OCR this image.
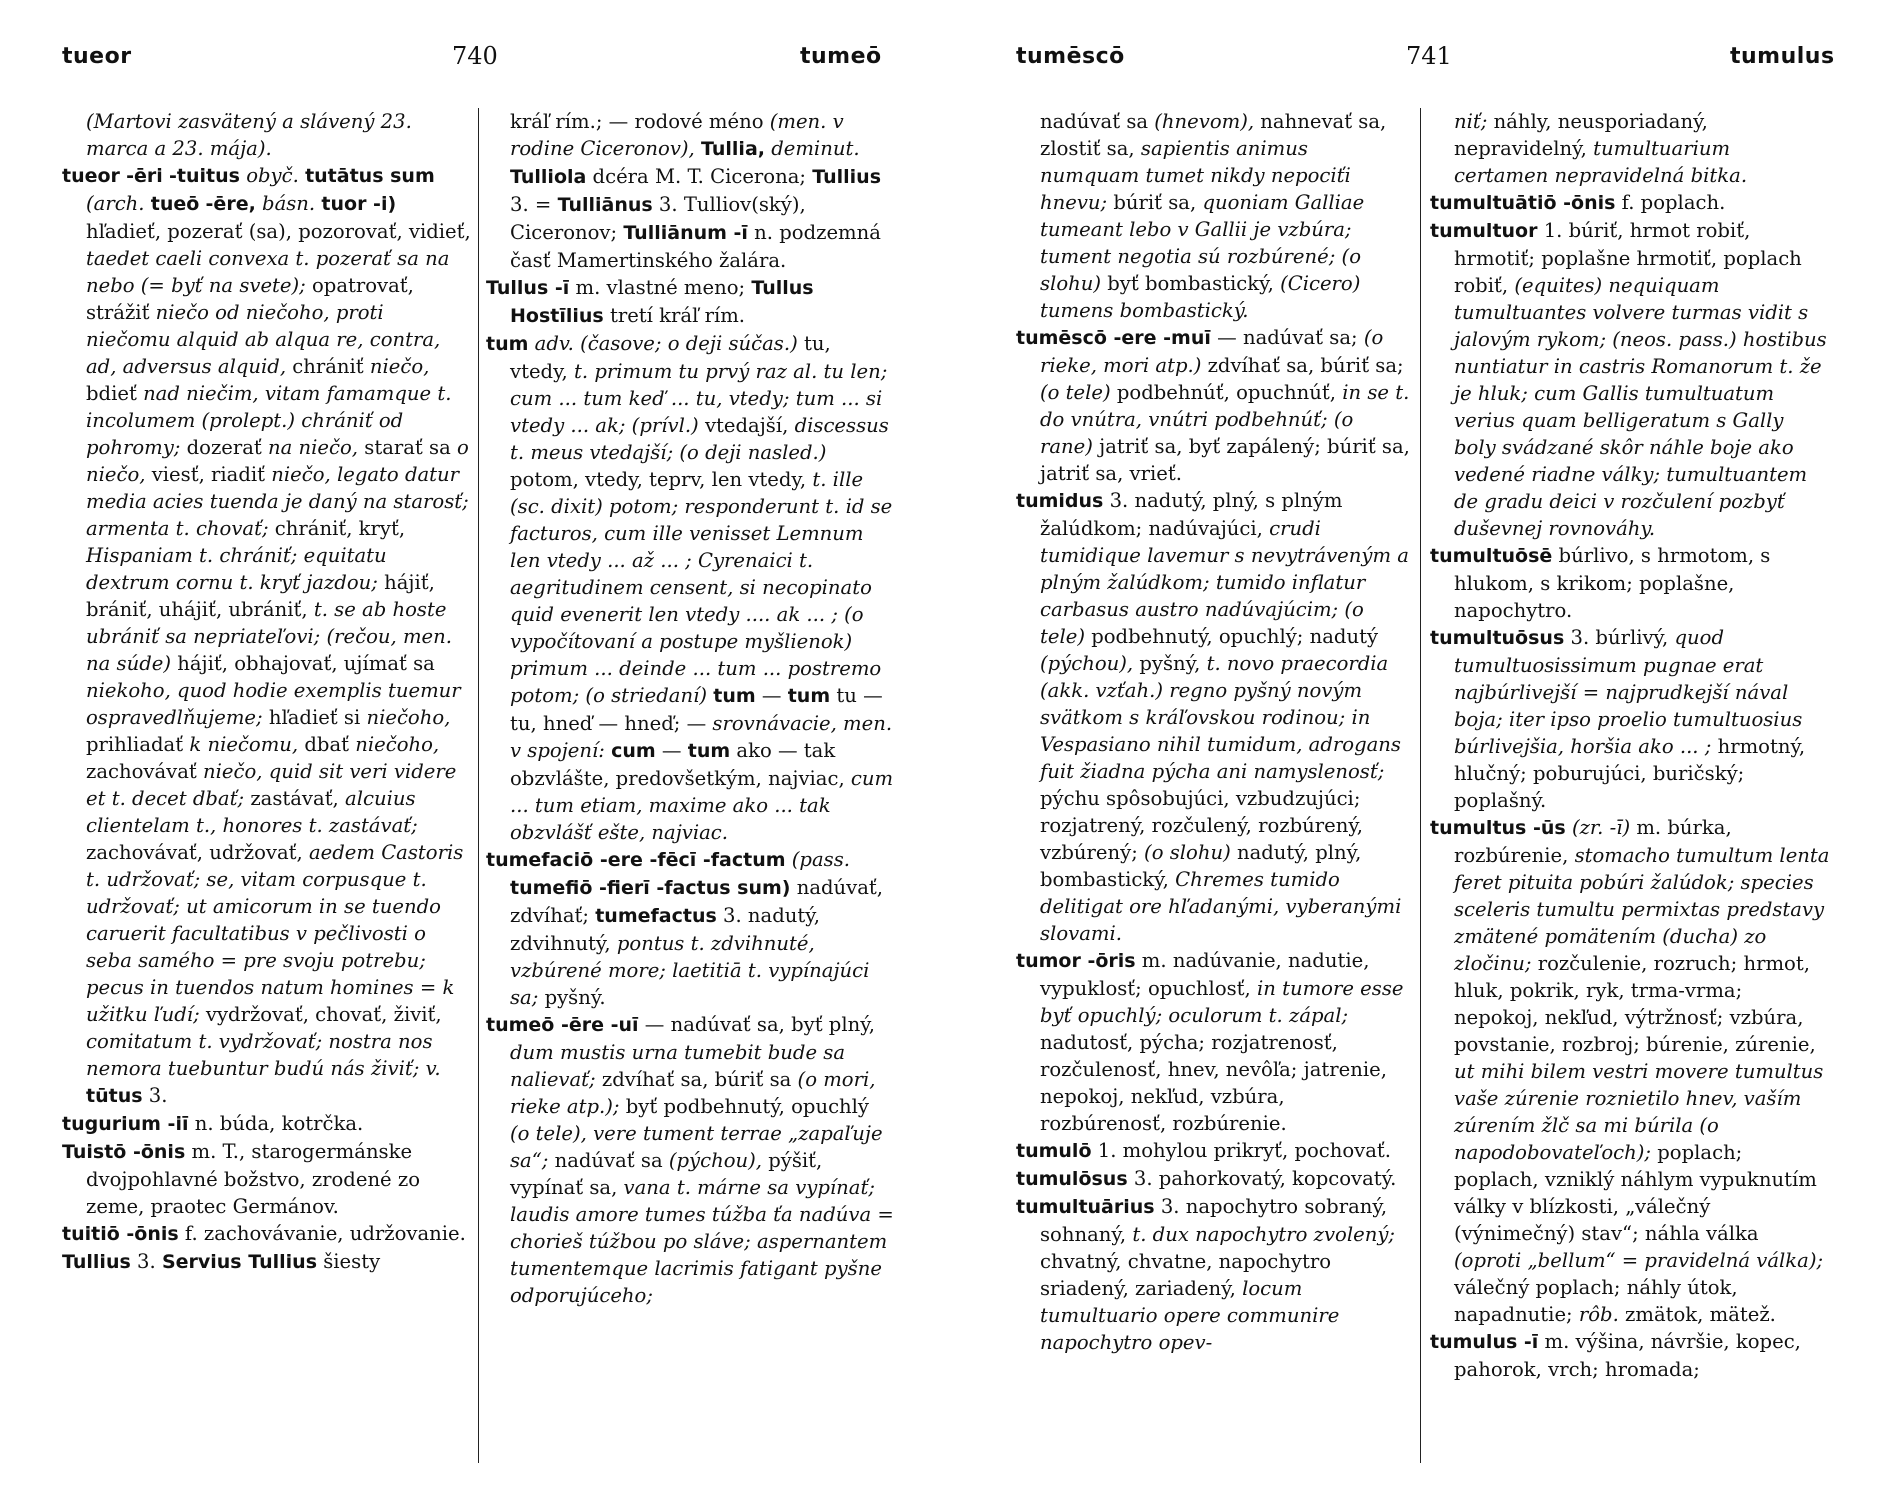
tueor	740	tumeō

(Martovi zasvätený a slávený 23. marca a 23. mája).

tueor -ēri -tuitus obyč. tutātus sum (arch. tueō -ēre, básn. tuor -i) hľadieť, pozerať (sa), pozorovať, vidieť, taedet caeli convexa t. pozerať sa na nebo (= byť na svete); opatrovať, strážiť niečo od niečoho, proti niečomu alquid ab alqua re, contra, ad, adversus alquid, chrániť niečo, bdieť nad niečim, vitam famamque t. incolumem (prolept.) chrániť od pohromy; dozerať na niečo, starať sa o niečo, viesť, riadiť niečo, legato datur media acies tuenda je daný na starosť; armenta t. chovať; chrániť, kryť, Hispaniam t. chrániť; equitatu dextrum cornu t. kryť jazdou; hájiť, brániť, uhájiť, ubrániť, t. se ab hoste ubrániť sa nepriateľovi; (rečou, men. na súde) hájiť, obhajovať, ujímať sa niekoho, quod hodie exemplis tuemur ospravedlňujeme; hľadieť si niečoho, prihliadať k niečomu, dbať niečoho, zachovávať niečo, quid sit veri videre et t. decet dbať; zastávať, alcuius clientelam t., honores t. zastávať; zachovávať, udržovať, aedem Castoris t. udržovať; se, vitam corpusque t. udržovať; ut amicorum in se tuendo caruerit facultatibus v pečlivosti o seba samého = pre svoju potrebu; pecus in tuendos natum homines = k užitku ľudí; vydržovať, chovať, živiť, comitatum t. vydržovať; nostra nos nemora tuebuntur budú nás živiť; v. tūtus 3.

tugurium -iī n. búda, kotrčka.

Tuistō -ōnis m. T., starogermánske dvojpohlavné božstvo, zrodené zo zeme, praotec Germánov.

tuitiō -ōnis f. zachovávanie, udržovanie.

Tullius 3. Servius Tullius šiesty

kráľ rím.; — rodové méno (men. v rodine Ciceronov), Tullia, deminut. Tulliola dcéra M. T. Cicerona; Tullius 3. = Tulliānus 3. Tulliov(ský), Ciceronov; Tulliānum -ī n. podzemná časť Mamertinského žalára.

Tullus -ī m. vlastné meno; Tullus Hostīlius tretí kráľ rím.

tum adv. (časove; o deji súčas.) tu, vtedy, t. primum tu prvý raz al. tu len; cum ... tum keď ... tu, vtedy; tum ... si vtedy ... ak; (prívl.) vtedajší, discessus t. meus vtedajší; (o deji nasled.) potom, vtedy, teprv, len vtedy, t. ille (sc. dixit) potom; responderunt t. id se facturos, cum ille venisset Lemnum len vtedy ... až ... ; Cyrenaici t. aegritudinem censent, si necopinato quid evenerit len vtedy .... ak ... ; (o vypočítovaní a postupe myšlienok) primum ... deinde ... tum ... postremo potom; (o striedaní) tum — tum tu — tu, hneď — hneď; — srovnávacie, men. v spojení: cum — tum ako — tak obzvlášte, predovšetkým, najviac, cum ... tum etiam, maxime ako ... tak obzvlášť ešte, najviac.

tumefaciō -ere -fēcī -factum (pass. tumefiō -fierī -factus sum) nadúvať, zdvíhať; tumefactus 3. nadutý, zdvihnutý, pontus t. zdvihnuté, vzbúrené more; laetitiā t. vypínajúci sa; pyšný.

tumeō -ēre -uī — nadúvať sa, byť plný, dum mustis urna tumebit bude sa nalievať; zdvíhať sa, búriť sa (o mori, rieke atp.); byť podbehnutý, opuchlý (o tele), vere tument terrae „zapaľuje sa“; nadúvať sa (pýchou), pýšiť, vypínať sa, vana t. márne sa vypínať; laudis amore tumes túžba ťa nadúva = chorieš túžbou po sláve; aspernantem tumentemque lacrimis fatigant pyšne odporujúceho;

tumēscō	741	tumulus

nadúvať sa (hnevom), nahnevať sa, zlostiť sa, sapientis animus numquam tumet nikdy nepociťi hnevu; búriť sa, quoniam Galliae tumeant lebo v Gallii je vzbúra; tument negotia sú rozbúrené; (o slohu) byť bombastický, (Cicero) tumens bombastický.

tumēscō -ere -muī — nadúvať sa; (o rieke, mori atp.) zdvíhať sa, búriť sa; (o tele) podbehnúť, opuchnúť, in se t. do vnútra, vnútri podbehnúť; (o rane) jatriť sa, byť zapálený; búriť sa, jatriť sa, vrieť.

tumidus 3. nadutý, plný, s plným žalúdkom; nadúvajúci, crudi tumidique lavemur s nevytráveným a plným žalúdkom; tumido inflatur carbasus austro nadúvajúcim; (o tele) podbehnutý, opuchlý; nadutý (pýchou), pyšný, t. novo praecordia (akk. vzťah.) regno pyšný novým svätkom s kráľovskou rodinou; in Vespasiano nihil tumidum, adrogans fuit žiadna pýcha ani namyslenosť; pýchu spôsobujúci, vzbudzujúci; rozjatrený, rozčulený, rozbúrený, vzbúrený; (o slohu) nadutý, plný, bombastický, Chremes tumido delitigat ore hľadanými, vyberanými slovami.

tumor -ōris m. nadúvanie, nadutie, vypuklosť; opuchlosť, in tumore esse byť opuchlý; oculorum t. zápal; nadutosť, pýcha; rozjatrenosť, rozčulenosť, hnev, nevôľa; jatrenie, nepokoj, nekľud, vzbúra, rozbúrenosť, rozbúrenie.

tumulō 1. mohylou prikryť, pochovať.

tumulōsus 3. pahorkovatý, kopcovatý.

tumultuārius 3. napochytro sobraný, sohnaný, t. dux napochytro zvolený; chvatný, chvatne, napochytro sriadený, zariadený, locum tumultuario opere communire napochytro opev-

niť; náhly, neusporiadaný, nepravidelný, tumultuarium certamen nepravidelná bitka.

tumultuātiō -ōnis f. poplach.

tumultuor 1. búriť, hrmot robiť, hrmotiť; poplašne hrmotiť, poplach robiť, (equites) nequiquam tumultuantes volvere turmas vidit s jalovým rykom; (neos. pass.) hostibus nuntiatur in castris Romanorum t. že je hluk; cum Gallis tumultuatum verius quam belligeratum s Gally boly svádzané skôr náhle boje ako vedené riadne války; tumultuantem de gradu deici v rozčulení pozbyť duševnej rovnováhy.

tumultuōsē búrlivo, s hrmotom, s hlukom, s krikom; poplašne, napochytro.

tumultuōsus 3. búrlivý, quod tumultuosissimum pugnae erat najbúrlivejší = najprudkejší nával boja; iter ipso proelio tumultuosius búrlivejšia, horšia ako ... ; hrmotný, hlučný; poburujúci, buričský; poplašný.

tumultus -ūs (zr. -ī) m. búrka, rozbúrenie, stomacho tumultum lenta feret pituita pobúri žalúdok; species sceleris tumultu permixtas predstavy zmätené pomätením (ducha) zo zločinu; rozčulenie, rozruch; hrmot, hluk, pokrik, ryk, trma-vrma; nepokoj, nekľud, výtržnosť; vzbúra, povstanie, rozbroj; búrenie, zúrenie, ut mihi bilem vestri movere tumultus vaše zúrenie roznietilo hnev, vaším zúrením žlč sa mi búrila (o napodobovateľoch); poplach; poplach, vzniklý náhlym vypuknutím války v blízkosti, „válečný (výnimečný) stav“; náhla válka (oproti „bellum“ = pravidelná válka); válečný poplach; náhly útok, napadnutie; rôb. zmätok, mätež.

tumulus -ī m. výšina, návršie, kopec, pahorok, vrch; hromada;
